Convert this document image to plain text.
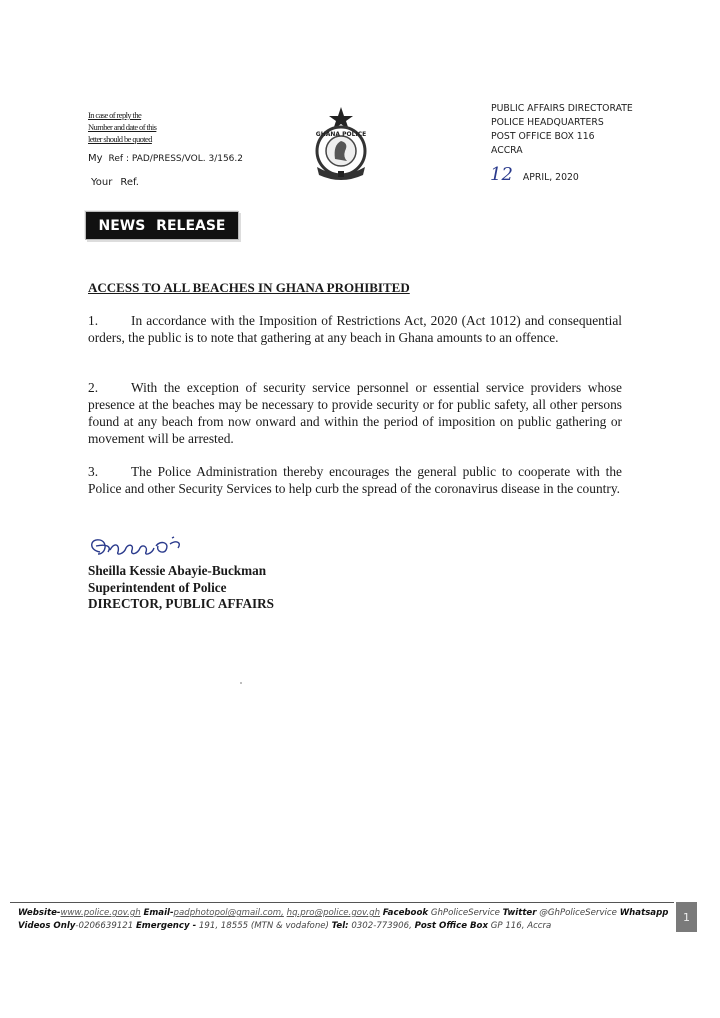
In case of reply the
Number and date of this
letter should be quoted
My Ref : PAD/PRESS/VOL. 3/156.2
Your Ref.
GHANA POLICE
PUBLIC AFFAIRS DIRECTORATE
POLICE HEADQUARTERS
POST OFFICE BOX 116
ACCRA
12 APRIL, 2020
NEWS RELEASE
ACCESS TO ALL BEACHES IN GHANA PROHIBITED
1. In accordance with the Imposition of Restrictions Act, 2020 (Act 1012) and consequential orders, the public is to note that gathering at any beach in Ghana amounts to an offence.
2. With the exception of security service personnel or essential service providers whose presence at the beaches may be necessary to provide security or for public safety, all other persons found at any beach from now onward and within the period of imposition on public gathering or movement will be arrested.
3. The Police Administration thereby encourages the general public to cooperate with the Police and other Security Services to help curb the spread of the coronavirus disease in the country.
Sheilla Kessie Abayie-Buckman
Superintendent of Police
DIRECTOR, PUBLIC AFFAIRS
Website-www.police.gov.gh Email-padphotopol@gmail.com, hq.pro@police.gov.gh Facebook GhPoliceService Twitter @GhPoliceService Whatsapp
Videos Only-0206639121 Emergency - 191, 18555 (MTN & vodafone) Tel: 0302-773906, Post Office Box GP 116, Accra
1
